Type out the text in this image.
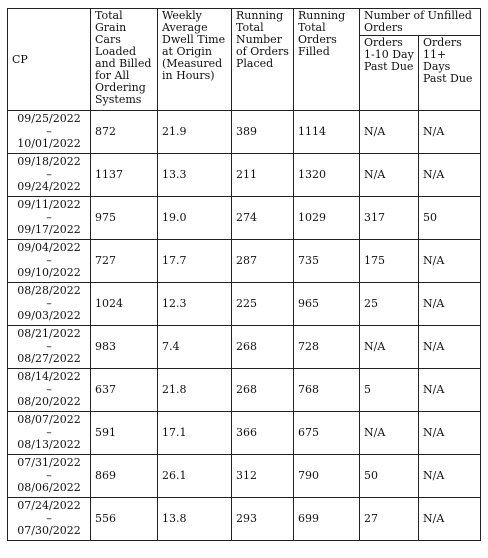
CP	Total Grain Cars Loaded and Billed for All Ordering Systems	Weekly Average Dwell Time at Origin (Measured in Hours)	Running Total Number of Orders Placed	Running Total Orders Filled	Number of Unfilled Orders	
					Orders 1-10 Day Past Due	Orders 11+ Days Past Due

09/25/2022
–
10/01/2022	872	21.9	389	1114	N/A	N/A

09/18/2022
–
09/24/2022	1137	13.3	211	1320	N/A	N/A

09/11/2022
–
09/17/2022	975	19.0	274	1029	317	50

09/04/2022
–
09/10/2022	727	17.7	287	735	175	N/A

08/28/2022
–
09/03/2022	1024	12.3	225	965	25	N/A

08/21/2022
–
08/27/2022	983	7.4	268	728	N/A	N/A

08/14/2022
–
08/20/2022	637	21.8	268	768	5	N/A

08/07/2022
–
08/13/2022	591	17.1	366	675	N/A	N/A

07/31/2022
–
08/06/2022	869	26.1	312	790	50	N/A

07/24/2022
–
07/30/2022	556	13.8	293	699	27	N/A
